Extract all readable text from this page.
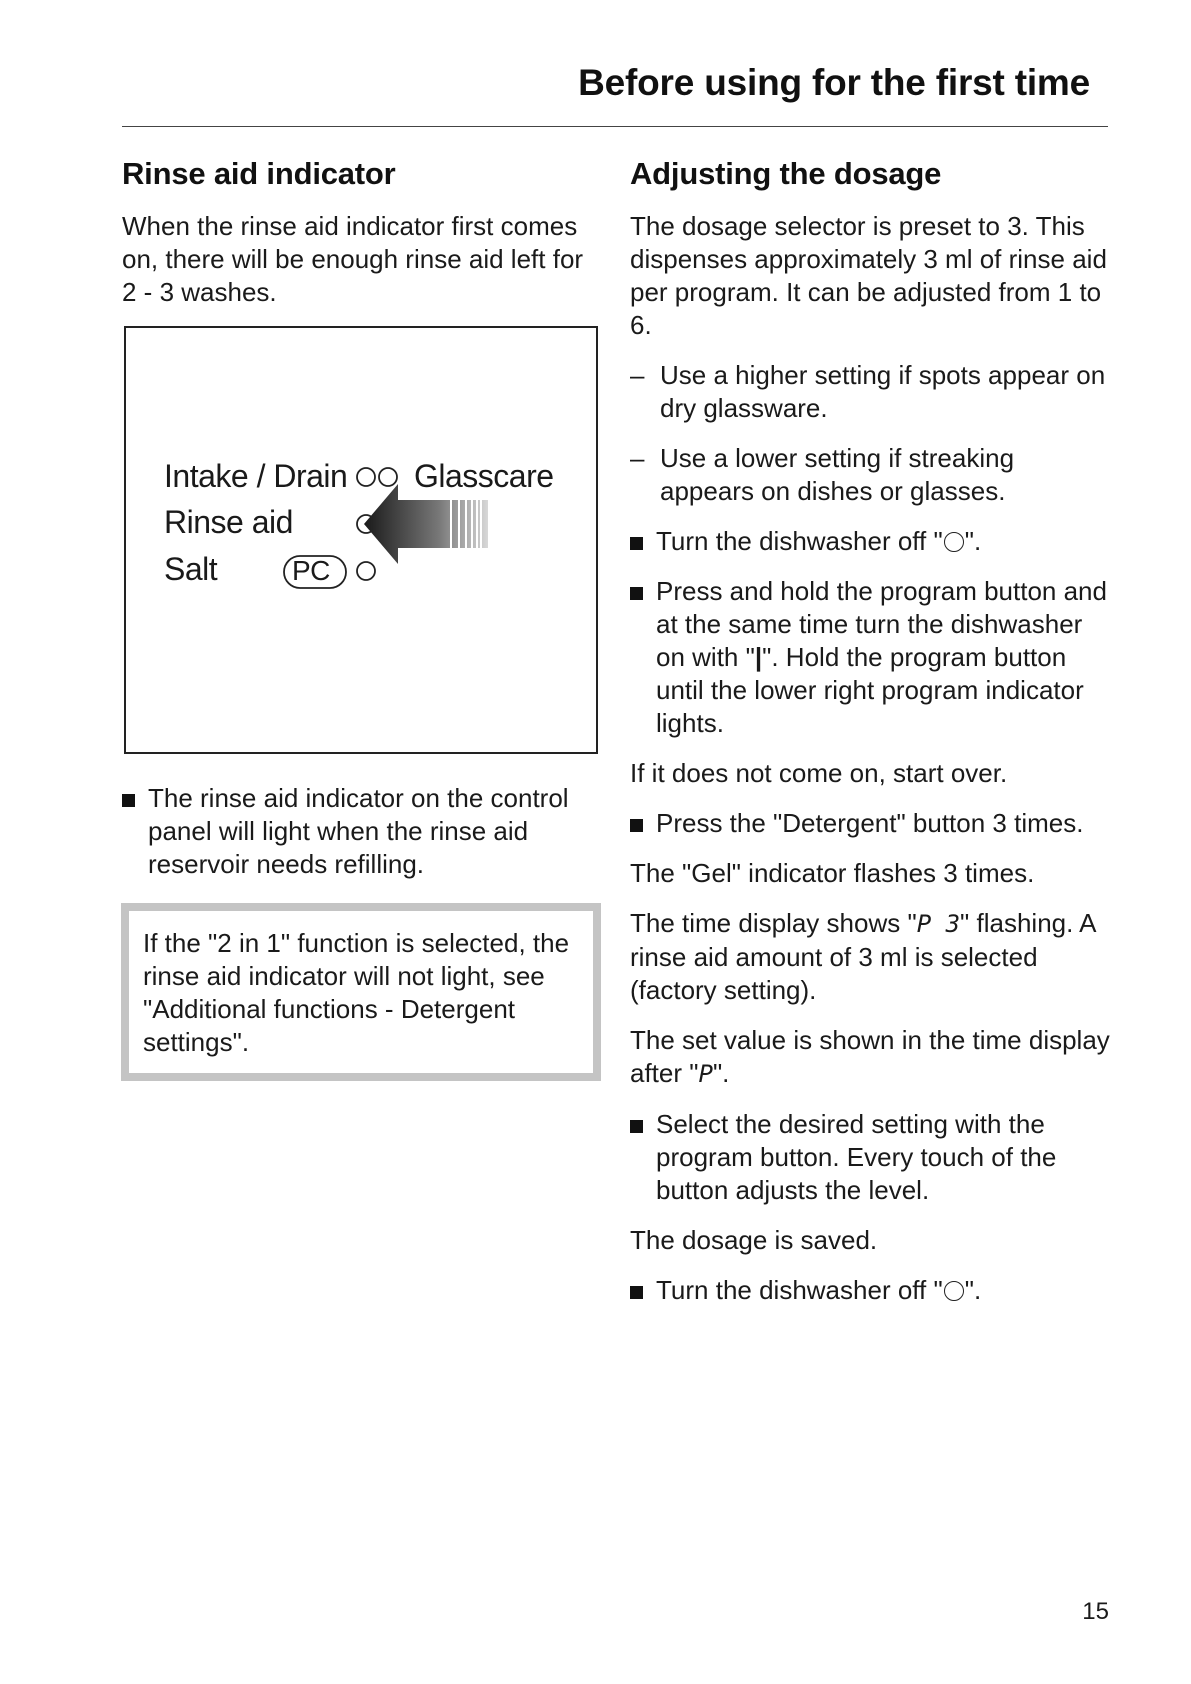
Before using for the first time
Rinse aid indicator

When the rinse aid indicator first comes on, there will be enough rinse aid left for 2 - 3 washes.

Intake / Drain Glasscare
Rinse aid
Salt	PC
The rinse aid indicator on the control panel will light when the rinse aid reservoir needs refilling.

If the "2 in 1" function is selected, the rinse aid indicator will not light, see "Additional functions - Detergent settings".

Adjusting the dosage

The dosage selector is preset to 3. This dispenses approximately 3 ml of rinse aid per program. It can be adjusted from 1 to 6.

– Use a higher setting if spots appear on dry glassware.
– Use a lower setting if streaking appears on dishes or glasses.
Turn the dishwasher off " ".
Press and hold the program button and at the same time turn the dishwasher on with "|". Hold the program button until the lower right program indicator lights.

If it does not come on, start over.

Press the "Detergent" button 3 times.

The "Gel" indicator flashes 3 times.

The time display shows "P 3" flashing. A rinse aid amount of 3 ml is selected (factory setting).

The set value is shown in the time display after "P".

Select the desired setting with the program button. Every touch of the button adjusts the level.

The dosage is saved.

Turn the dishwasher off " ".
15
